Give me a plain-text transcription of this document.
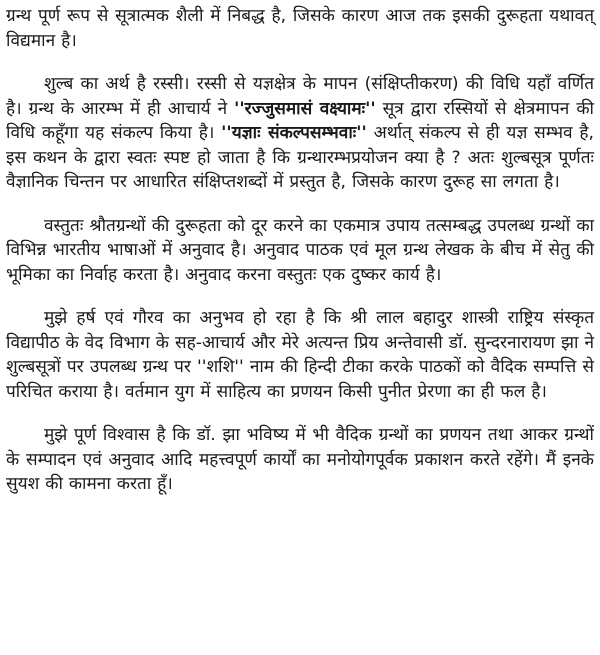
ग्रन्थ पूर्ण रूप से सूत्रात्मक शैली में निबद्ध है, जिसके कारण आज तक इसकी दुरूहता यथावत् विद्यमान है।

शुल्ब का अर्थ है रस्सी। रस्सी से यज्ञक्षेत्र के मापन (संक्षिप्तीकरण) की विधि यहाँ वर्णित है। ग्रन्थ के आरम्भ में ही आचार्य ने ''रज्जुसमासं वक्ष्यामः'' सूत्र द्वारा रस्सियों से क्षेत्रमापन की विधि कहूँगा यह संकल्प किया है। ''यज्ञाः संकल्पसम्भवाः'' अर्थात् संकल्प से ही यज्ञ सम्भव है, इस कथन के द्वारा स्वतः स्पष्ट हो जाता है कि ग्रन्थारम्भप्रयोजन क्या है ? अतः शुल्बसूत्र पूर्णतः वैज्ञानिक चिन्तन पर आधारित संक्षिप्तशब्दों में प्रस्तुत है, जिसके कारण दुरूह सा लगता है।

वस्तुतः श्रौतग्रन्थों की दुरूहता को दूर करने का एकमात्र उपाय तत्सम्बद्ध उपलब्ध ग्रन्थों का विभिन्न भारतीय भाषाओं में अनुवाद है। अनुवाद पाठक एवं मूल ग्रन्थ लेखक के बीच में सेतु की भूमिका का निर्वाह करता है। अनुवाद करना वस्तुतः एक दुष्कर कार्य है।

मुझे हर्ष एवं गौरव का अनुभव हो रहा है कि श्री लाल बहादुर शास्त्री राष्ट्रिय संस्कृत विद्यापीठ के वेद विभाग के सह-आचार्य और मेरे अत्यन्त प्रिय अन्तेवासी डॉ. सुन्दरनारायण झा ने शुल्बसूत्रों पर उपलब्ध ग्रन्थ पर ''शशि'' नाम की हिन्दी टीका करके पाठकों को वैदिक सम्पत्ति से परिचित कराया है। वर्तमान युग में साहित्य का प्रणयन किसी पुनीत प्रेरणा का ही फल है।

मुझे पूर्ण विश्वास है कि डॉ. झा भविष्य में भी वैदिक ग्रन्थों का प्रणयन तथा आकर ग्रन्थों के सम्पादन एवं अनुवाद आदि महत्त्वपूर्ण कार्यों का मनोयोगपूर्वक प्रकाशन करते रहेंगे। मैं इनके सुयश की कामना करता हूँ।
